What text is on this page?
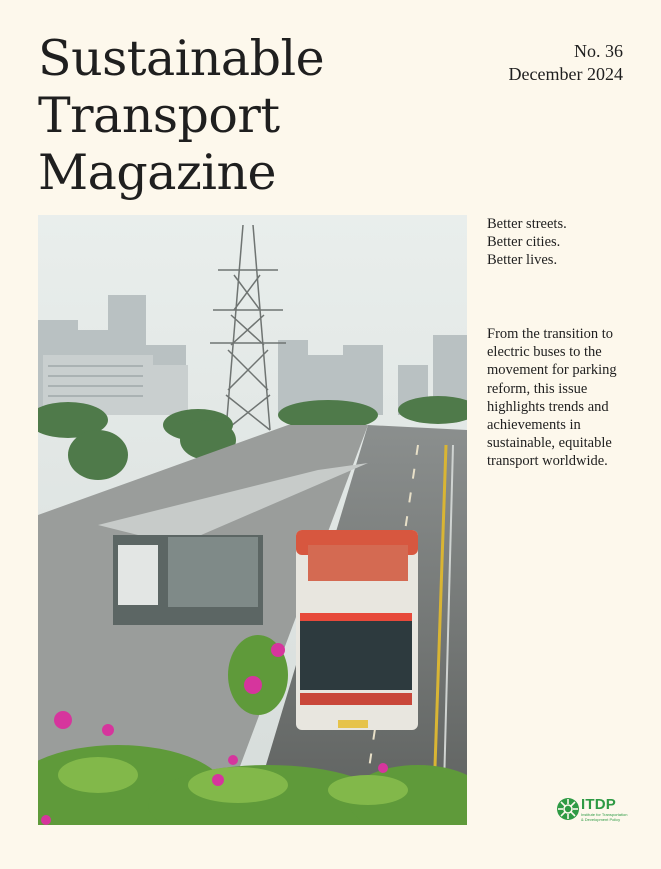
Sustainable
Transport
Magazine
No. 36
December 2024
Better streets.
Better cities.
Better lives.
From the transition to electric buses to the movement for parking reform, this issue highlights trends and achievements in sustainable, equitable transport worldwide.
ITDP
Institute for Transportation & Development Policy
